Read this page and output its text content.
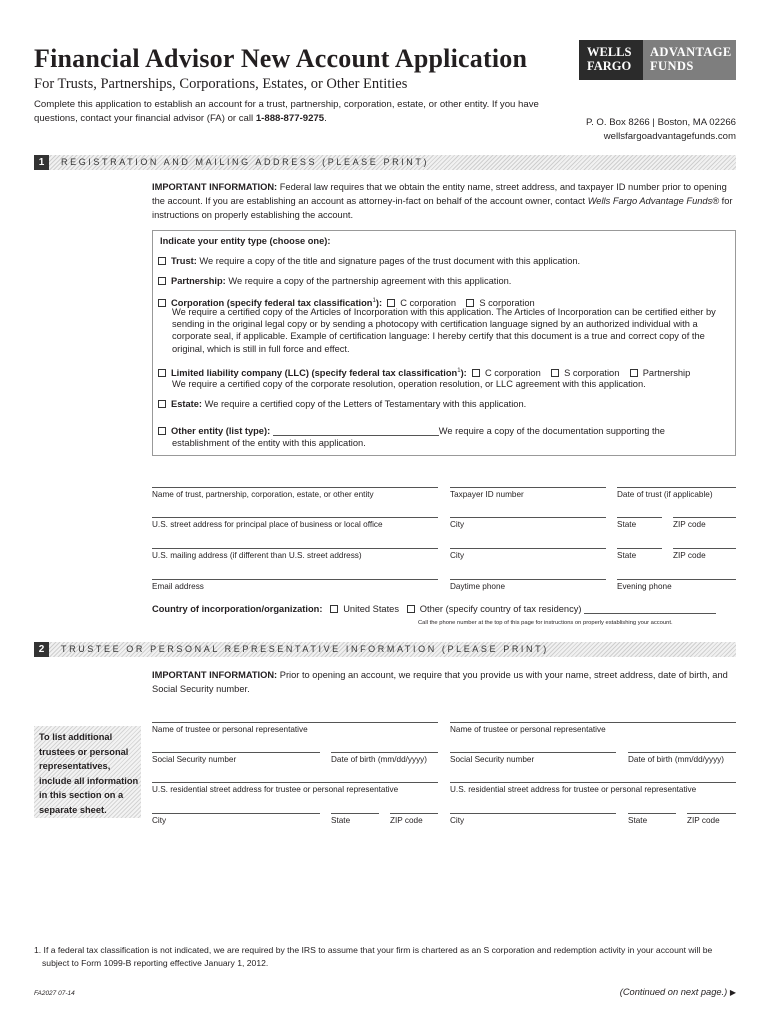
Financial Advisor New Account Application
For Trusts, Partnerships, Corporations, Estates, or Other Entities
Complete this application to establish an account for a trust, partnership, corporation, estate, or other entity. If you have questions, contact your financial advisor (FA) or call 1-888-877-9275.
WELLS
FARGO
ADVANTAGE
FUNDS
P. O. Box 8266 | Boston, MA 02266
wellsfargoadvantagefunds.com
1	REGISTRATION AND MAILING ADDRESS (PLEASE PRINT)
IMPORTANT INFORMATION: Federal law requires that we obtain the entity name, street address, and taxpayer ID number prior to opening the account. If you are establishing an account as attorney-in-fact on behalf of the account owner, contact Wells Fargo Advantage Funds® for instructions on properly establishing the account.
Indicate your entity type (choose one):
Trust: We require a copy of the title and signature pages of the trust document with this application.
Partnership: We require a copy of the partnership agreement with this application.
Corporation (specify federal tax classification$^1$): C corporation	S corporation
We require a certified copy of the Articles of Incorporation with this application. The Articles of Incorporation can be certified either by sending in the original legal copy or by sending a photocopy with certification language signed by an authorized individual with a corporate seal, if applicable. Example of certification language: I hereby certify that this document is a true and correct copy of the original, which is still in full force and effect.
Limited liability company (LLC) (specify federal tax classification$^1$): C corporation	S corporation	Partnership
We require a certified copy of the corporate resolution, operation resolution, or LLC agreement with this application.
Estate: We require a certified copy of the Letters of Testamentary with this application.
Other entity (list type):	We require a copy of the documentation supporting the
establishment of the entity with this application.
Name of trust, partnership, corporation, estate, or other entity	Taxpayer ID number	Date of trust (if applicable)
U.S. street address for principal place of business or local office	City	State	ZIP code
U.S. mailing address (if different than U.S. street address)	City	State	ZIP code
Email address	Daytime phone	Evening phone
Country of incorporation/organization: United States Other (specify country of tax residency)
Call the phone number at the top of this page for instructions on properly establishing your account.
2	TRUSTEE OR PERSONAL REPRESENTATIVE INFORMATION (PLEASE PRINT)
IMPORTANT INFORMATION: Prior to opening an account, we require that you provide us with your name, street address, date of birth, and Social Security number.
To list additional trustees or personal representatives, include all information in this section on a separate sheet.
Name of trustee or personal representative
Social Security number	Date of birth (mm/dd/yyyy)
U.S. residential street address for trustee or personal representative
City	State	ZIP code
Name of trustee or personal representative
Social Security number	Date of birth (mm/dd/yyyy)
U.S. residential street address for trustee or personal representative
City	State	ZIP code
1. If a federal tax classification is not indicated, we are required by the IRS to assume that your firm is chartered as an S corporation and redemption activity in your account will be
subject to Form 1099-B reporting effective January 1, 2012.
FA2027 07-14	(Continued on next page.) ▶
